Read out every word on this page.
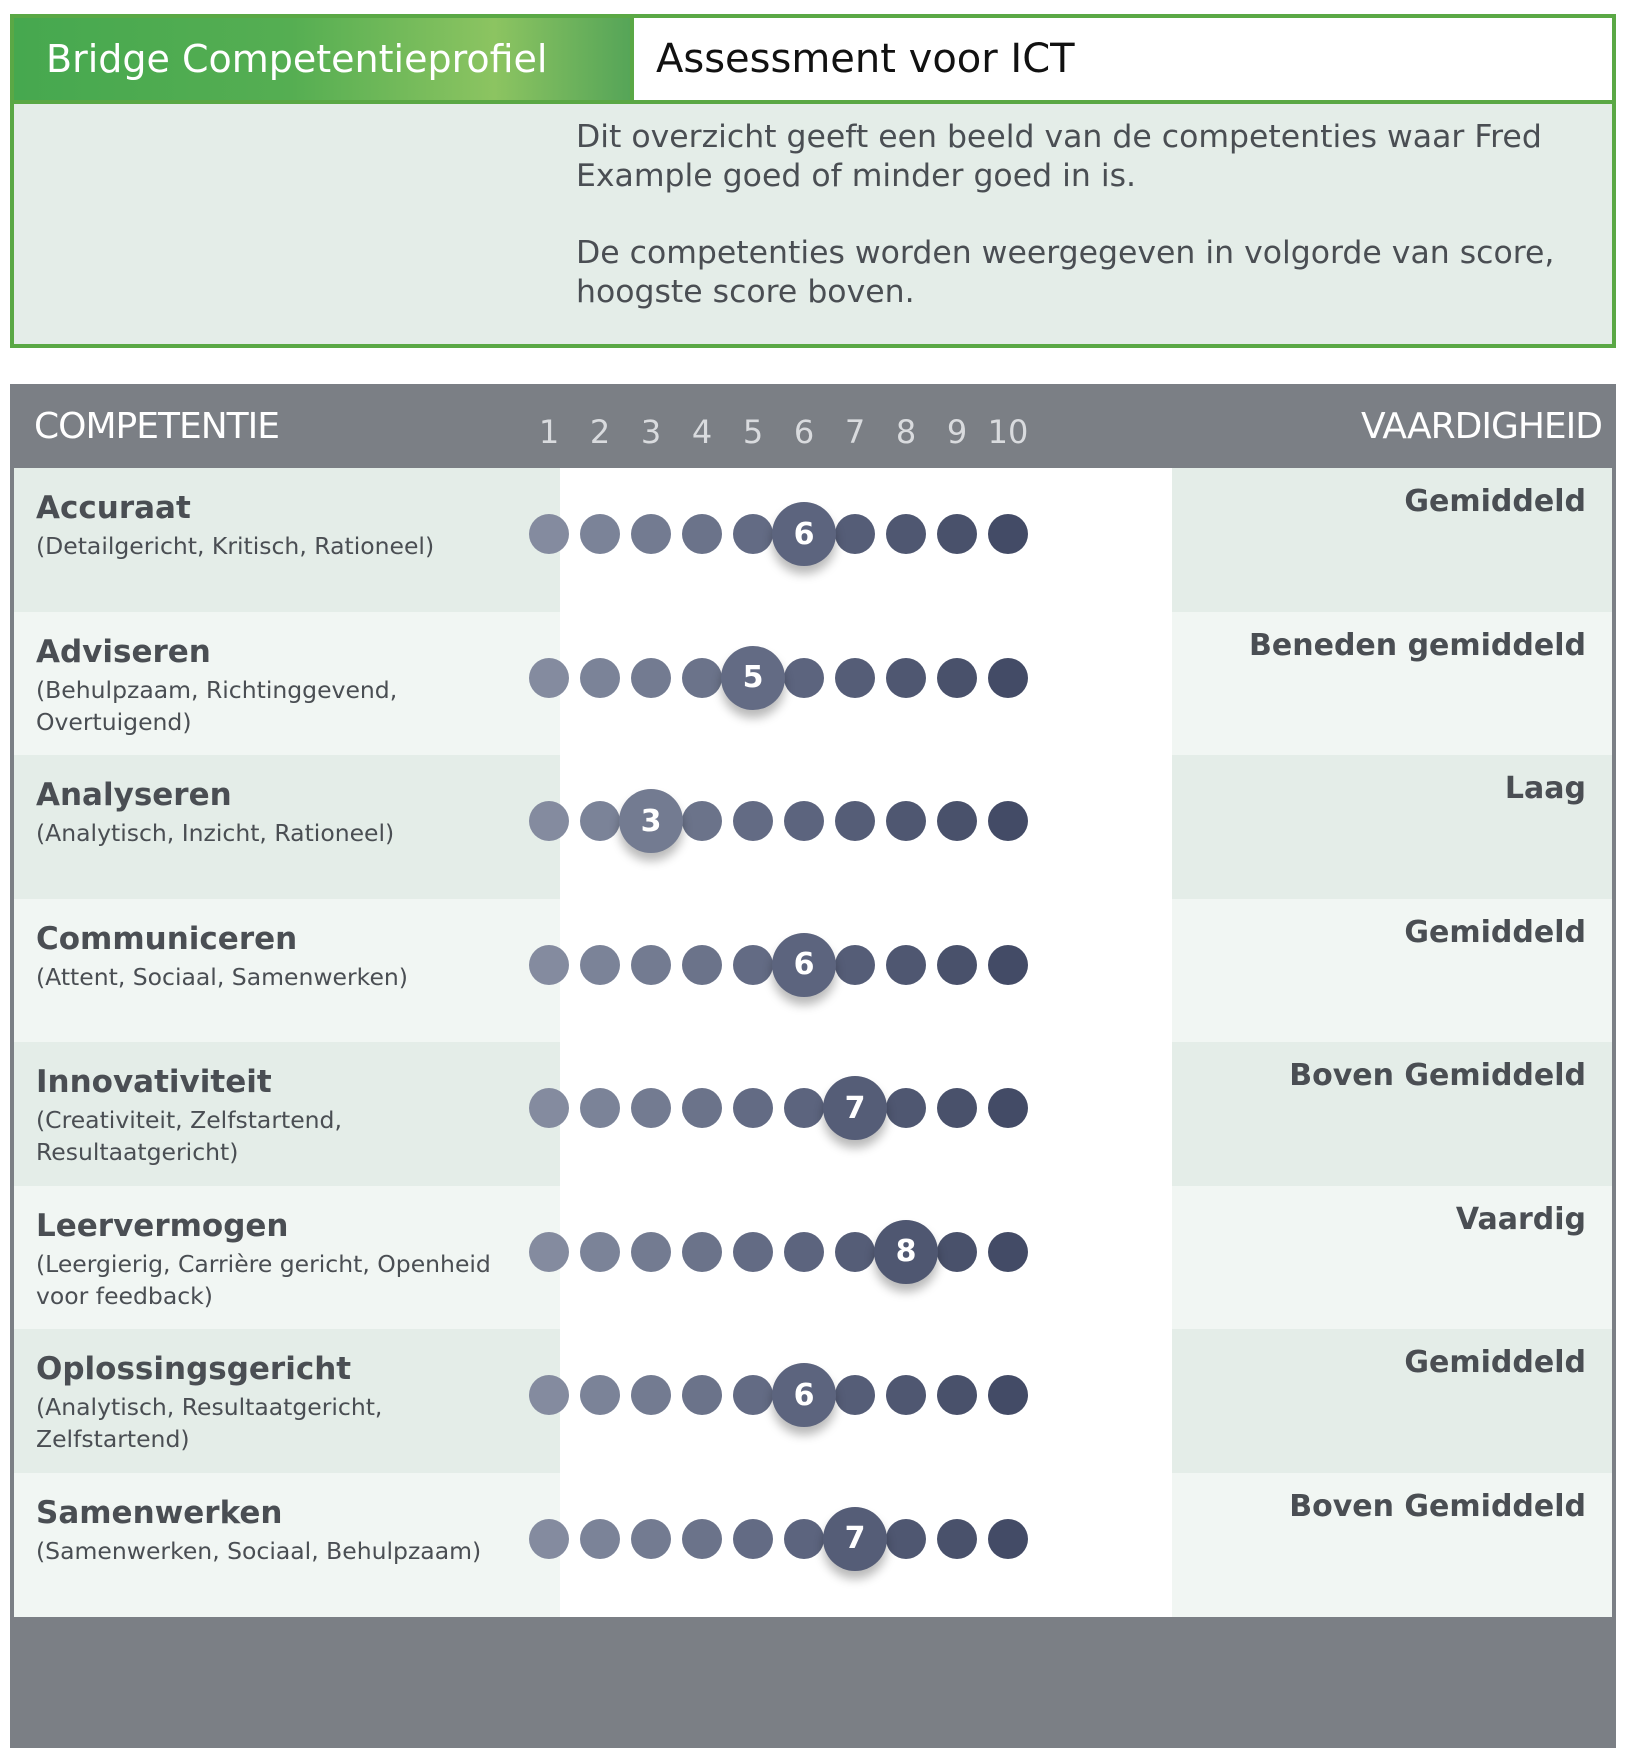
Bridge Competentieprofiel	Assessment voor ICT

Dit overzicht geeft een beeld van de competenties waar Fred Example goed of minder goed in is.

De competenties worden weergegeven in volgorde van score, hoogste score boven.

COMPETENTIE	VAARDIGHEID
1 2 3 4 5 6 7 8 9 10
Accuraat
(Detailgericht, Kritisch, Rationeel)
Gemiddeld
6
Adviseren
(Behulpzaam, Richtinggevend, Overtuigend)
Beneden gemiddeld
5
Analyseren
(Analytisch, Inzicht, Rationeel)
Laag
3
Communiceren
(Attent, Sociaal, Samenwerken)
Gemiddeld
6
Innovativiteit
(Creativiteit, Zelfstartend, Resultaatgericht)
Boven Gemiddeld
7
Leervermogen
(Leergierig, Carrière gericht, Openheid voor feedback)
Vaardig
8
Oplossingsgericht
(Analytisch, Resultaatgericht, Zelfstartend)
Gemiddeld
6
Samenwerken
(Samenwerken, Sociaal, Behulpzaam)
Boven Gemiddeld
7
